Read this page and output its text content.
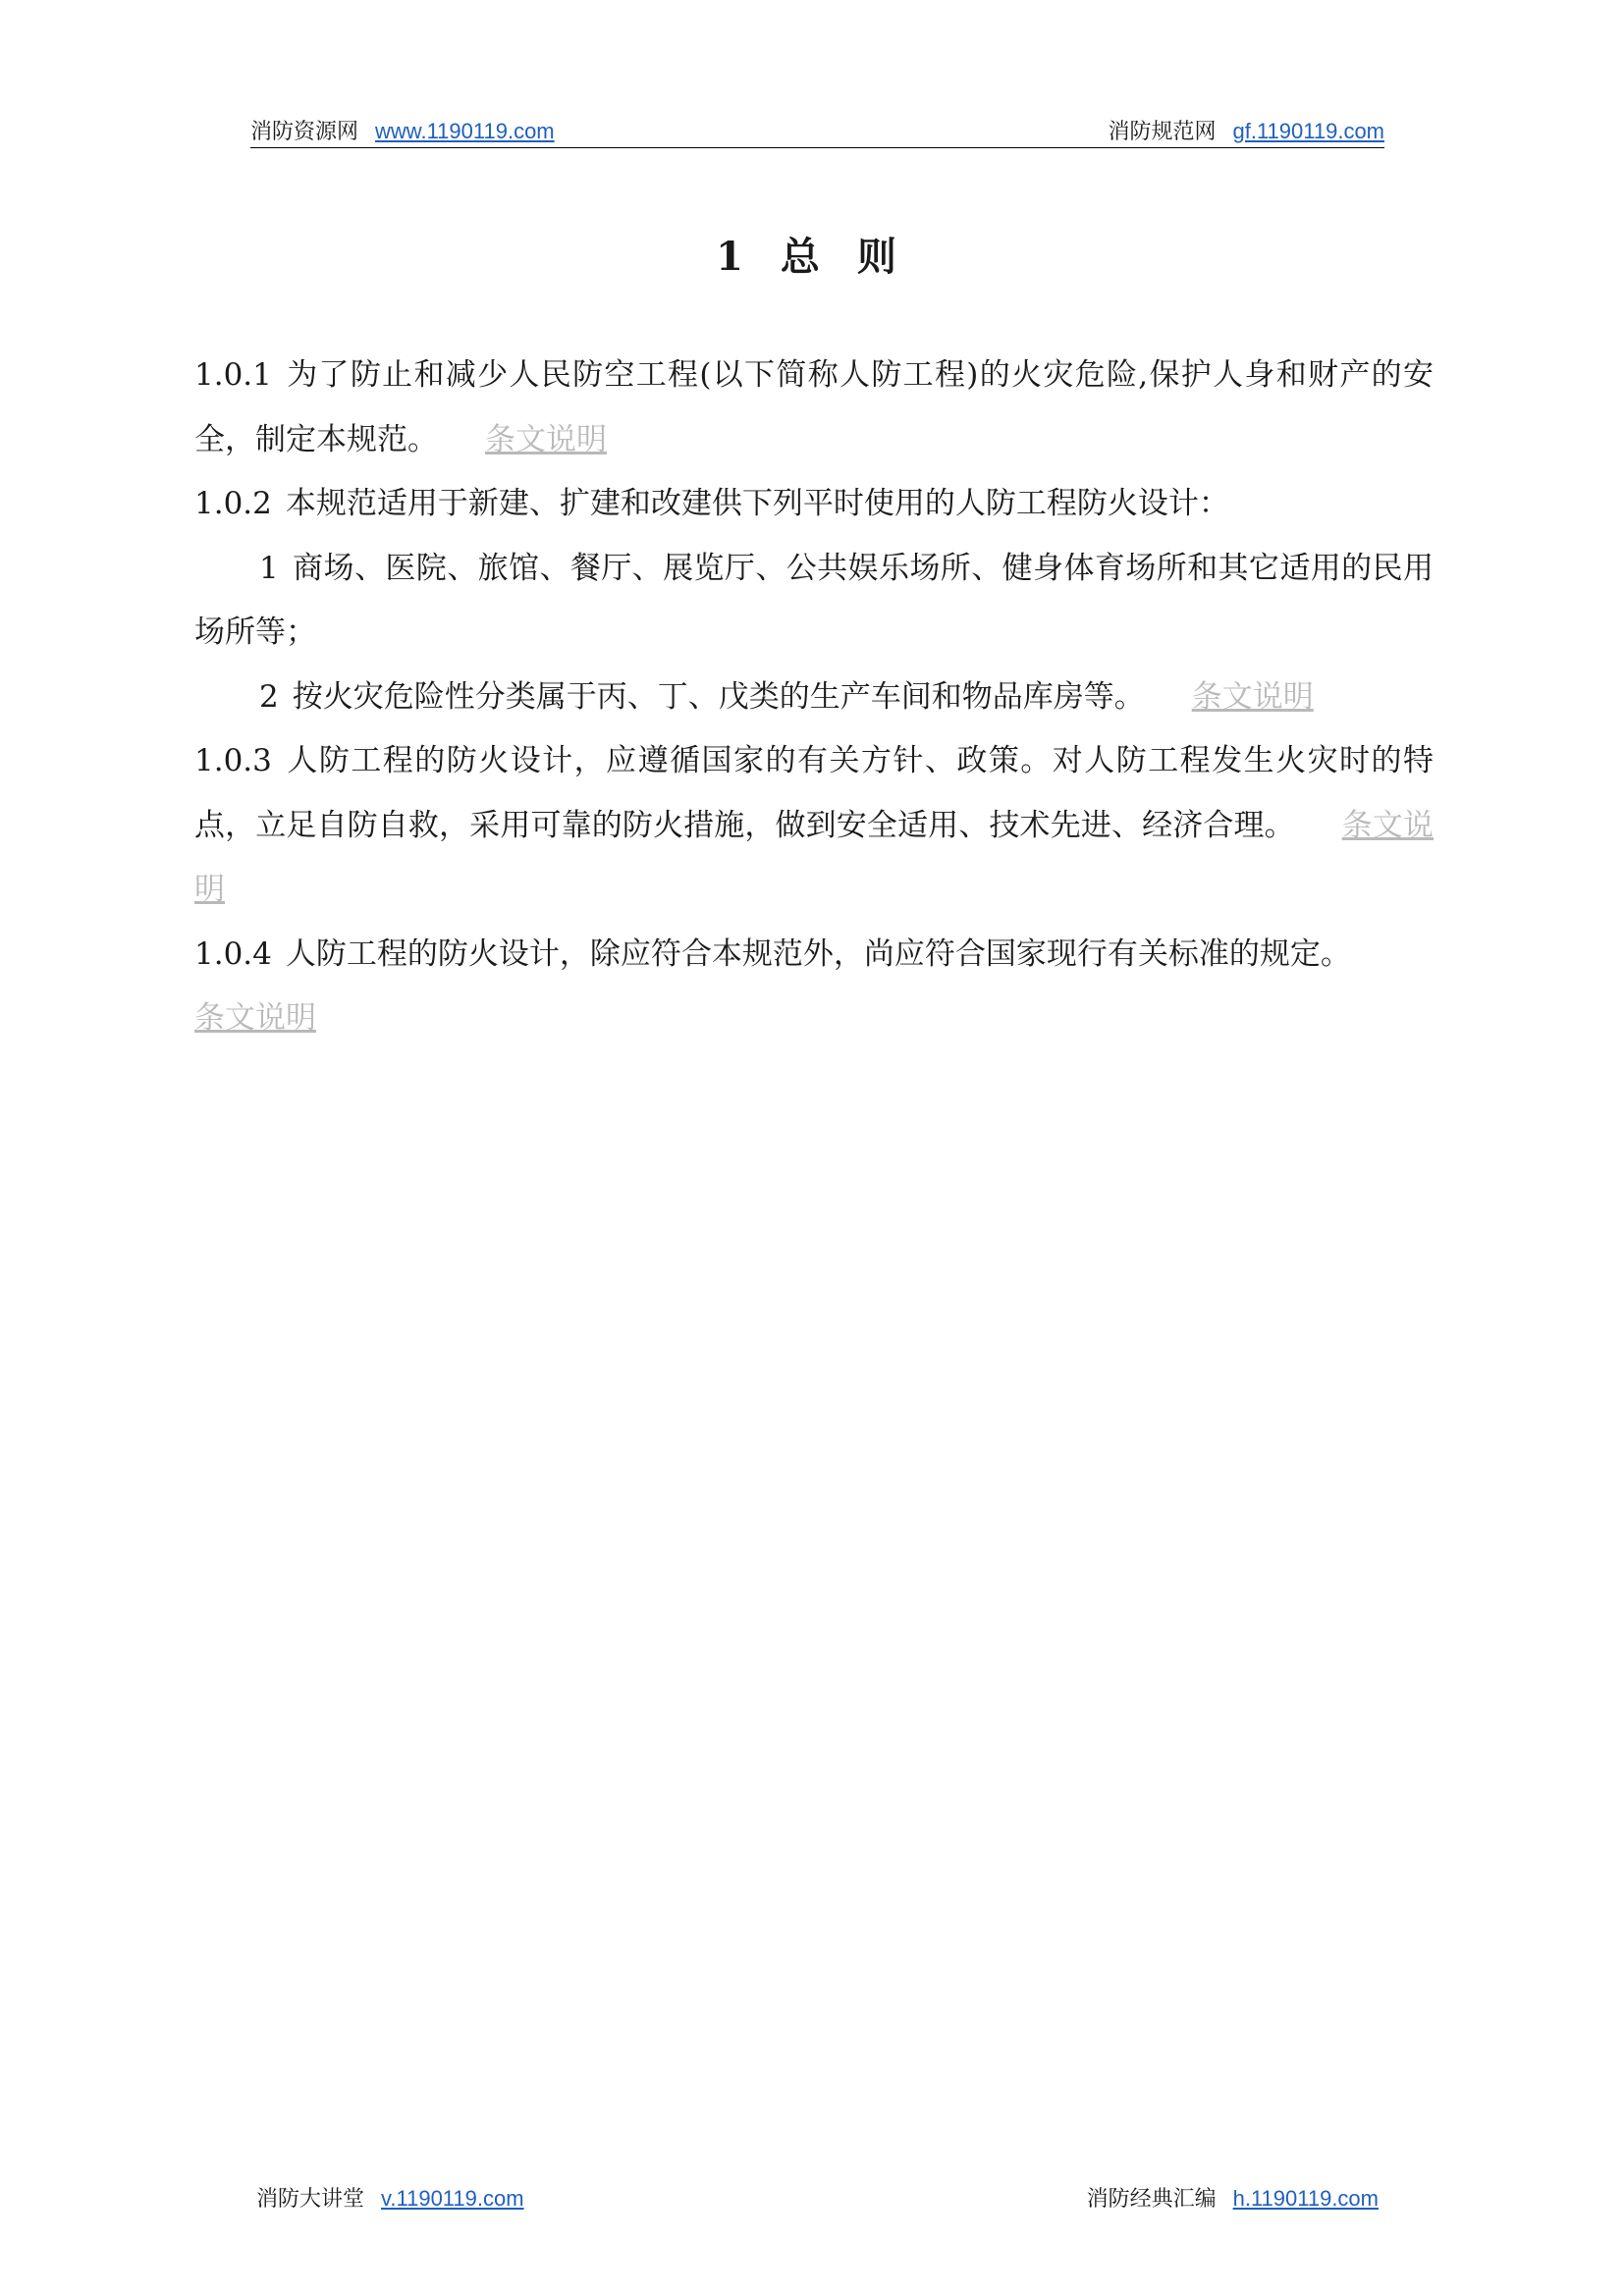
消防资源网 www.1190119.com	消防规范网 gf.1190119.com
1 总 则

1.0.1 为了防止和减少人民防空工程(以下简称人防工程)的火灾危险,保护人身和财产的安全，制定本规范。 条文说明

1.0.2 本规范适用于新建、扩建和改建供下列平时使用的人防工程防火设计：

1 商场、医院、旅馆、餐厅、展览厅、公共娱乐场所、健身体育场所和其它适用的民用场所等；

2 按火灾危险性分类属于丙、丁、戊类的生产车间和物品库房等。 条文说明

1.0.3 人防工程的防火设计，应遵循国家的有关方针、政策。对人防工程发生火灾时的特点，立足自防自救，采用可靠的防火措施，做到安全适用、技术先进、经济合理。 条文说明

1.0.4 人防工程的防火设计，除应符合本规范外，尚应符合国家现行有关标准的规定。
条文说明

消防大讲堂 v.1190119.com	消防经典汇编 h.1190119.com
